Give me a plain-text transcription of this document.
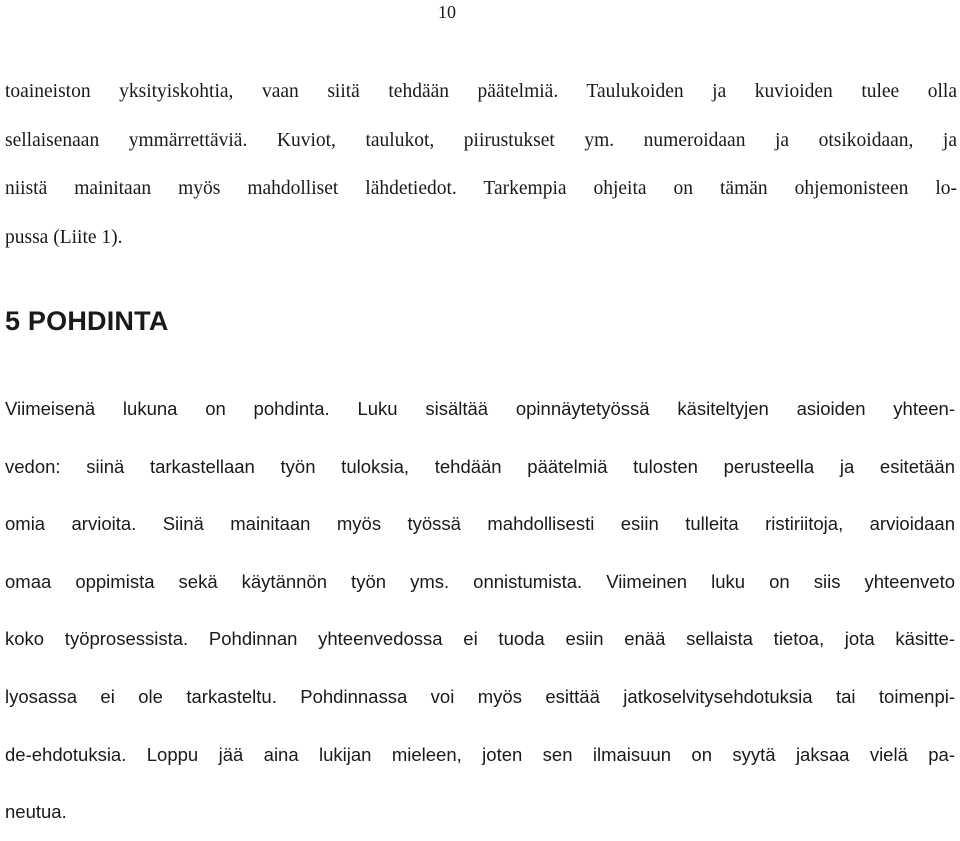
10

toaineiston yksityiskohtia, vaan siitä tehdään päätelmiä. Taulukoiden ja kuvioiden tulee olla
sellaisenaan ymmärrettäviä. Kuviot, taulukot, piirustukset ym. numeroidaan ja otsikoidaan, ja
niistä mainitaan myös mahdolliset lähdetiedot. Tarkempia ohjeita on tämän ohjemonisteen lo-
pussa (Liite 1).

5 POHDINTA

Viimeisenä lukuna on pohdinta. Luku sisältää opinnäytetyössä käsiteltyjen asioiden yhteen-
vedon: siinä tarkastellaan työn tuloksia, tehdään päätelmiä tulosten perusteella ja esitetään
omia arvioita. Siinä mainitaan myös työssä mahdollisesti esiin tulleita ristiriitoja, arvioidaan
omaa oppimista sekä käytännön työn yms. onnistumista. Viimeinen luku on siis yhteenveto
koko työprosessista. Pohdinnan yhteenvedossa ei tuoda esiin enää sellaista tietoa, jota käsitte-
lyosassa ei ole tarkasteltu. Pohdinnassa voi myös esittää jatkoselvitysehdotuksia tai toimenpi-
de-ehdotuksia. Loppu jää aina lukijan mieleen, joten sen ilmaisuun on syytä jaksaa vielä pa-
neutua.
